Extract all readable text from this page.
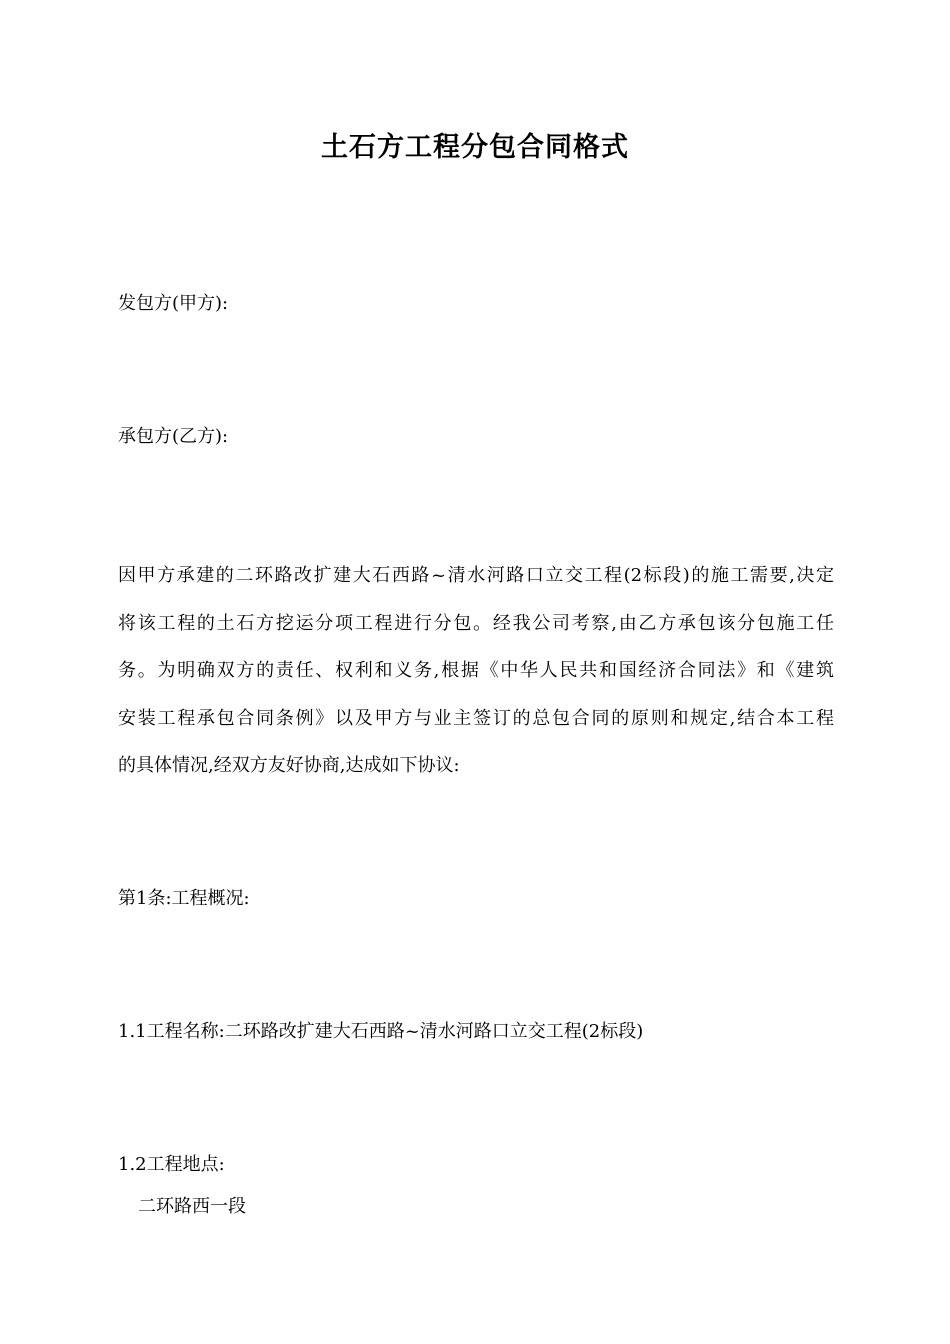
土石方工程分包合同格式
发包方(甲方):
承包方(乙方):
因甲方承建的二环路改扩建大石西路~清水河路口立交工程(2标段)的施工需要,决定
将该工程的土石方挖运分项工程进行分包。经我公司考察,由乙方承包该分包施工任
务。为明确双方的责任、权利和义务,根据《中华人民共和国经济合同法》和《建筑
安装工程承包合同条例》以及甲方与业主签订的总包合同的原则和规定,结合本工程
的具体情况,经双方友好协商,达成如下协议:
第1条:工程概况:
1.1工程名称:二环路改扩建大石西路~清水河路口立交工程(2标段)
1.2工程地点:
二环路西一段
